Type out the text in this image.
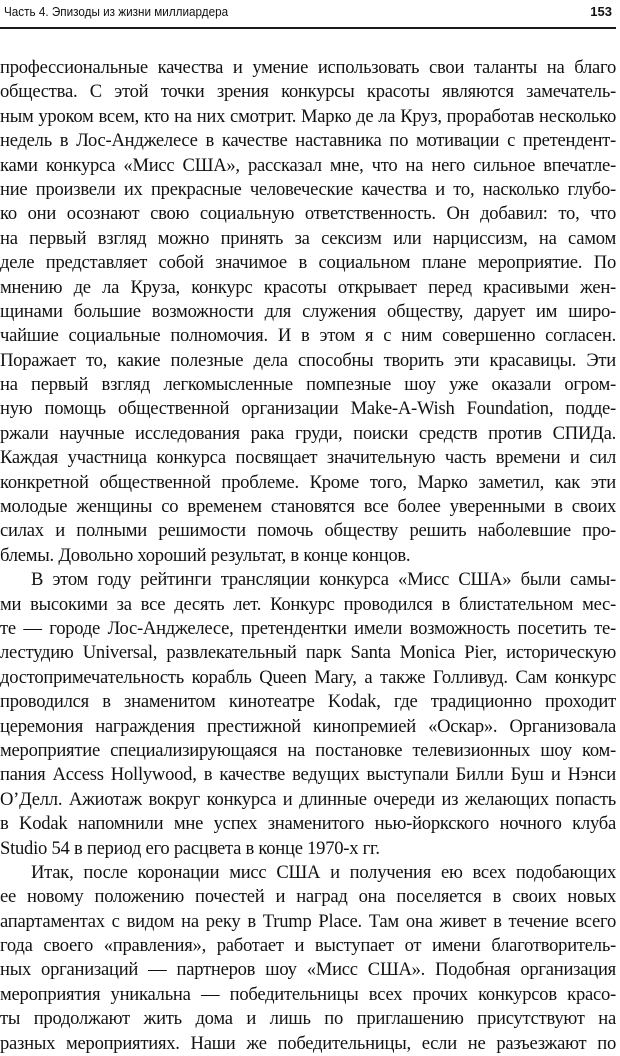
Часть 4. Эпизоды из жизни миллиардера	153
профессиональные качества и умение использовать свои таланты на благо
общества. С этой точки зрения конкурсы красоты являются замечатель-
ным уроком всем, кто на них смотрит. Марко де ла Круз, проработав несколько
недель в Лос-Анджелесе в качестве наставника по мотивации с претендент-
ками конкурса «Мисс США», рассказал мне, что на него сильное впечатле-
ние произвели их прекрасные человеческие качества и то, насколько глубо-
ко они осознают свою социальную ответственность. Он добавил: то, что
на первый взгляд можно принять за сексизм или нарциссизм, на самом
деле представляет собой значимое в социальном плане мероприятие. По
мнению де ла Круза, конкурс красоты открывает перед красивыми жен-
щинами большие возможности для служения обществу, дарует им широ-
чайшие социальные полномочия. И в этом я с ним совершенно согласен.
Поражает то, какие полезные дела способны творить эти красавицы. Эти
на первый взгляд легкомысленные помпезные шоу уже оказали огром-
ную помощь общественной организации Make-A-Wish Foundation, подде-
ржали научные исследования рака груди, поиски средств против СПИДа.
Каждая участница конкурса посвящает значительную часть времени и сил
конкретной общественной проблеме. Кроме того, Марко заметил, как эти
молодые женщины со временем становятся все более уверенными в своих
силах и полными решимости помочь обществу решить наболевшие про-
блемы. Довольно хороший результат, в конце концов.
В этом году рейтинги трансляции конкурса «Мисс США» были самы-
ми высокими за все десять лет. Конкурс проводился в блистательном мес-
те — городе Лос-Анджелесе, претендентки имели возможность посетить те-
лестудию Universal, развлекательный парк Santa Monica Pier, историческую
достопримечательность корабль Queen Mary, а также Голливуд. Сам конкурс
проводился в знаменитом кинотеатре Kodak, где традиционно проходит
церемония награждения престижной кинопремией «Оскар». Организовала
мероприятие специализирующаяся на постановке телевизионных шоу ком-
пания Access Hollywood, в качестве ведущих выступали Билли Буш и Нэнси
О’Делл. Ажиотаж вокруг конкурса и длинные очереди из желающих попасть
в Kodak напомнили мне успех знаменитого нью-йоркского ночного клуба
Studio 54 в период его расцвета в конце 1970-х гг.
Итак, после коронации мисс США и получения ею всех подобающих
ее новому положению почестей и наград она поселяется в своих новых
апартаментах с видом на реку в Trump Place. Там она живет в течение всего
года своего «правления», работает и выступает от имени благотворитель-
ных организаций — партнеров шоу «Мисс США». Подобная организация
мероприятия уникальна — победительницы всех прочих конкурсов красо-
ты продолжают жить дома и лишь по приглашению присутствуют на
разных мероприятиях. Наши же победительницы, если не разъезжают по
